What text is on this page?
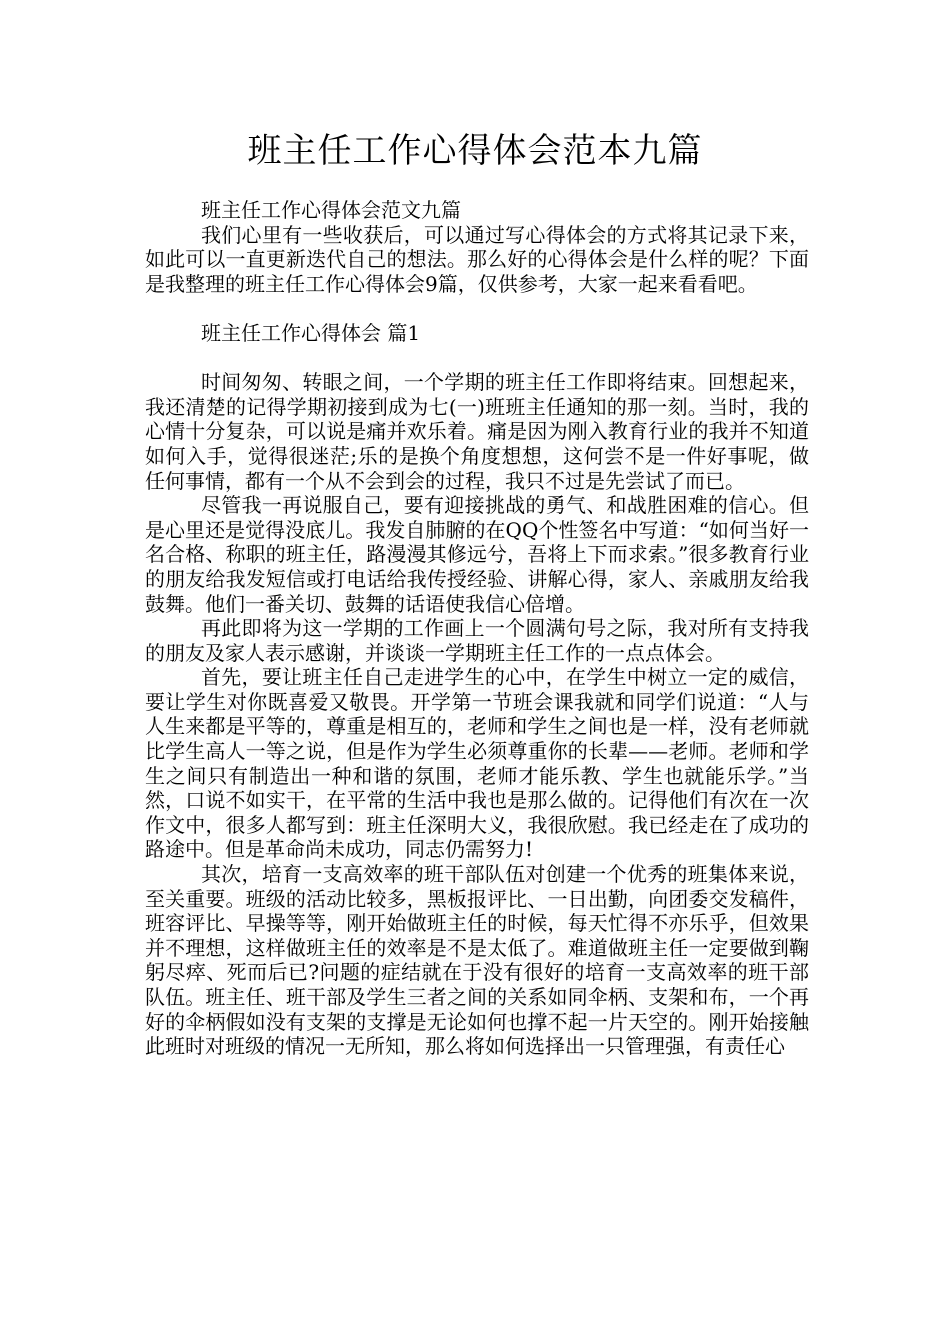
班主任工作心得体会范本九篇

班主任工作心得体会范文九篇

我们心里有一些收获后，可以通过写心得体会的方式将其记录下来，如此可以一直更新迭代自己的想法。那么好的心得体会是什么样的呢？下面是我整理的班主任工作心得体会9篇，仅供参考，大家一起来看看吧。

班主任工作心得体会 篇1

时间匆匆、转眼之间，一个学期的班主任工作即将结束。回想起来，我还清楚的记得学期初接到成为七(一)班班主任通知的那一刻。当时，我的心情十分复杂，可以说是痛并欢乐着。痛是因为刚入教育行业的我并不知道如何入手，觉得很迷茫;乐的是换个角度想想，这何尝不是一件好事呢，做任何事情，都有一个从不会到会的过程，我只不过是先尝试了而已。

尽管我一再说服自己，要有迎接挑战的勇气、和战胜困难的信心。但是心里还是觉得没底儿。我发自肺腑的在QQ个性签名中写道：“如何当好一名合格、称职的班主任，路漫漫其修远兮，吾将上下而求索。”很多教育行业的朋友给我发短信或打电话给我传授经验、讲解心得，家人、亲戚朋友给我鼓舞。他们一番关切、鼓舞的话语使我信心倍增。

再此即将为这一学期的工作画上一个圆满句号之际，我对所有支持我的朋友及家人表示感谢，并谈谈一学期班主任工作的一点点体会。

首先，要让班主任自己走进学生的心中，在学生中树立一定的威信，要让学生对你既喜爱又敬畏。开学第一节班会课我就和同学们说道：“人与人生来都是平等的，尊重是相互的，老师和学生之间也是一样，没有老师就比学生高人一等之说，但是作为学生必须尊重你的长辈——老师。老师和学生之间只有制造出一种和谐的氛围，老师才能乐教、学生也就能乐学。”当然，口说不如实干，在平常的生活中我也是那么做的。记得他们有次在一次作文中，很多人都写到：班主任深明大义，我很欣慰。我已经走在了成功的路途中。但是革命尚未成功，同志仍需努力!

其次，培育一支高效率的班干部队伍对创建一个优秀的班集体来说，至关重要。班级的活动比较多，黑板报评比、一日出勤，向团委交发稿件，班容评比、早操等等，刚开始做班主任的时候，每天忙得不亦乐乎，但效果并不理想，这样做班主任的效率是不是太低了。难道做班主任一定要做到鞠躬尽瘁、死而后已?问题的症结就在于没有很好的培育一支高效率的班干部队伍。班主任、班干部及学生三者之间的关系如同伞柄、支架和布，一个再好的伞柄假如没有支架的支撑是无论如何也撑不起一片天空的。刚开始接触此班时对班级的情况一无所知，那么将如何选择出一只管理强，有责任心
